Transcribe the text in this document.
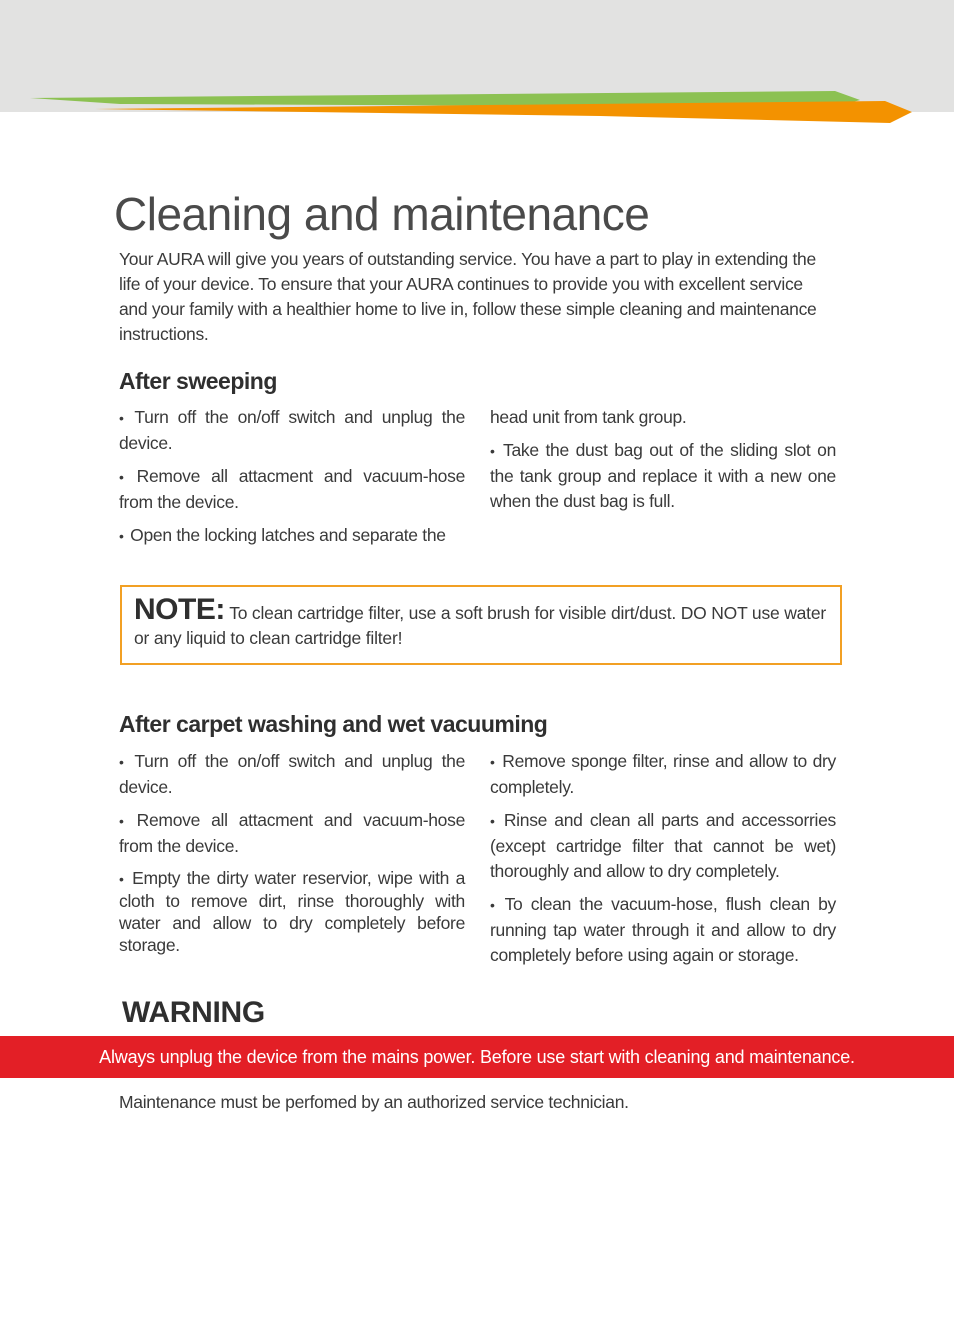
Cleaning and maintenance

Your AURA will give you years of outstanding service. You have a part to play in extending the life of your device. To ensure that your AURA continues to provide you with excellent service and your family with a healthier home to live in, follow these simple cleaning and maintenance instructions.

After sweeping
• Turn off the on/off switch and unplug the device.
• Remove all attacment and vacuum-hose from the device.
• Open the locking latches and separate the
head unit from tank group.
• Take the dust bag out of the sliding slot on the tank group and replace it with a new one when the dust bag is full.

NOTE: To clean cartridge filter, use a soft brush for visible dirt/dust. DO NOT use water or any liquid to clean cartridge filter!

After carpet washing and wet vacuuming
• Turn off the on/off switch and unplug the device.
• Remove all attacment and vacuum-hose from the device.
• Empty the dirty water reservior, wipe with a cloth to remove dirt, rinse thoroughly with water and allow to dry completely before storage.
• Remove sponge filter, rinse and allow to dry completely.
• Rinse and clean all parts and accessorries (except cartridge filter that cannot be wet) thoroughly and allow to dry completely.
• To clean the vacuum-hose, flush clean by running tap water through it and allow to dry completely before using again or storage.
WARNING
Always unplug the device from the mains power. Before use start with cleaning and maintenance.

Maintenance must be perfomed by an authorized service technician.
